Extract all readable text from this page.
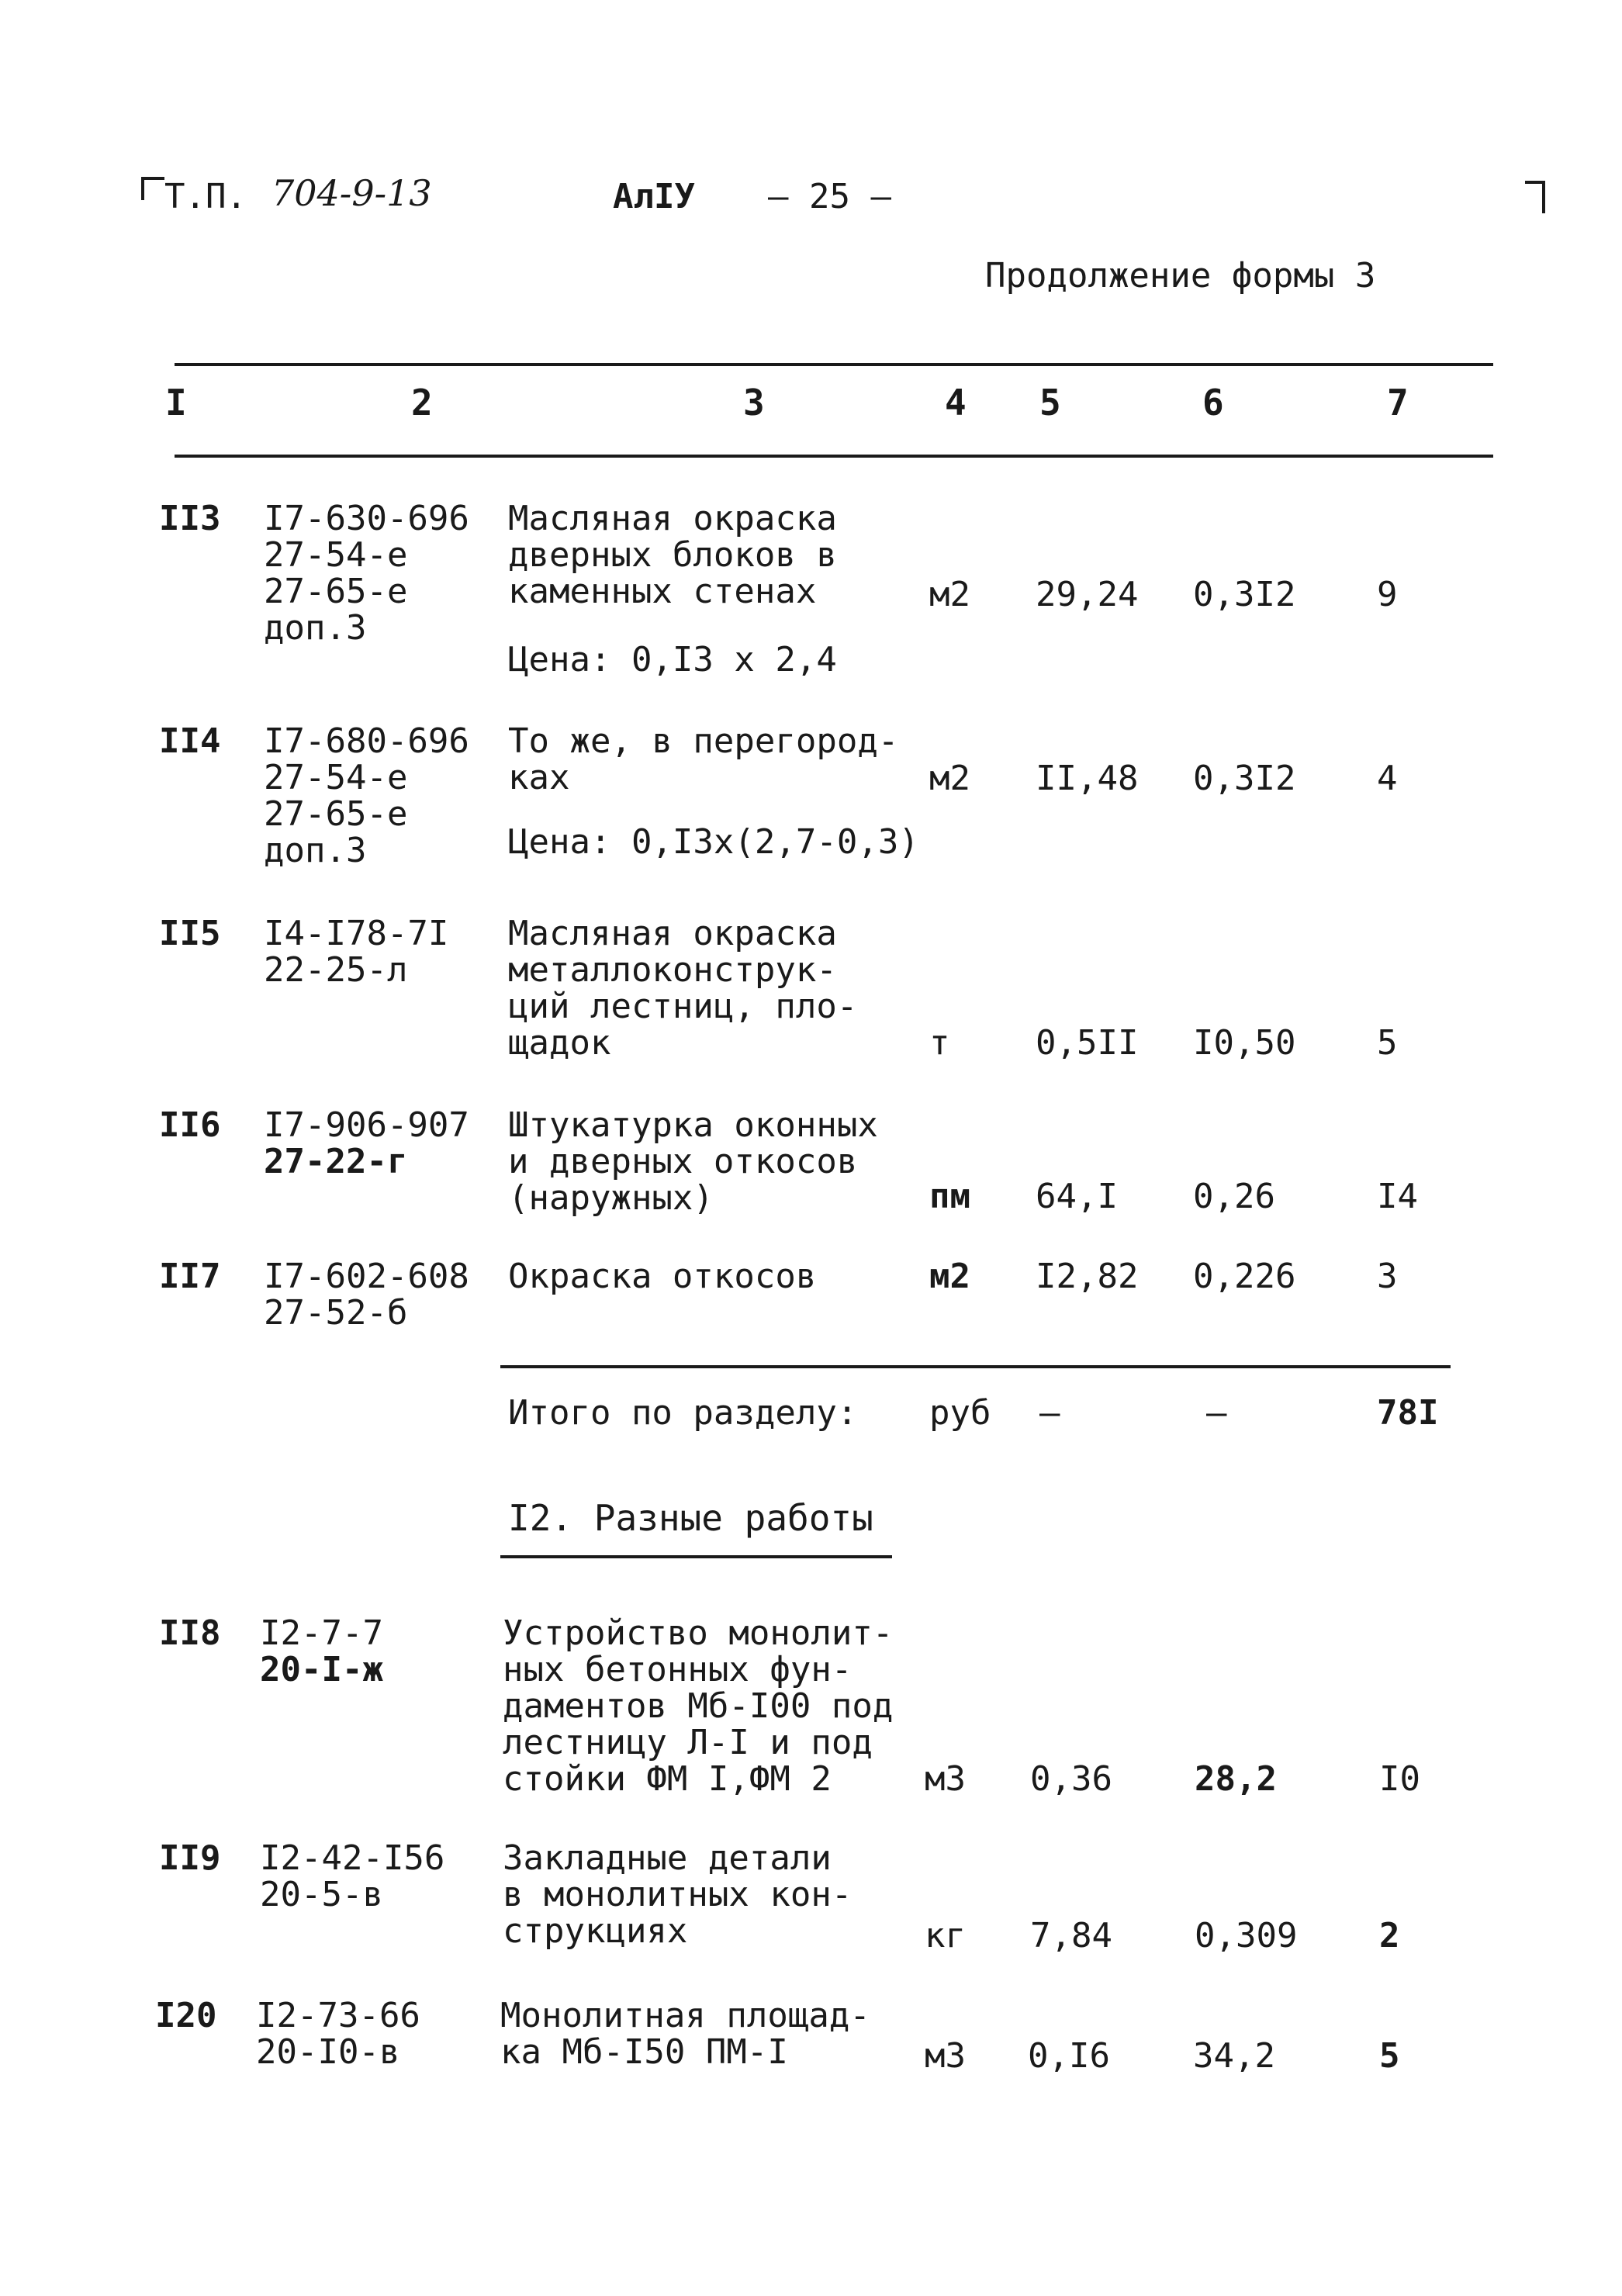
Т.П. 704-9-13	АлIУ — 25 —
Продолжение формы 3
I	2	3	4 5	6	7
II3 I7-630-696
27-54-е
27-65-е
доп.3
Масляная окраска
дверных блоков в
каменных стенах	м2 29,24 0,3I2 9
Цена: 0,I3 х 2,4
II4 I7-680-696
27-54-е
27-65-е
доп.3
То же, в перегород-
ках	м2 II,48 0,3I2 4
Цена: 0,I3х(2,7-0,3)
II5 I4-I78-7I
22-25-л
Масляная окраска
металлоконструк-
ций лестниц, пло-
щадок	т	0,5II I0,50 5
II6 I7-906-907
27-22-г
Штукатурка оконных
и дверных откосов
(наружных)	пм 64,I 0,26	I4
II7 I7-602-608
27-52-б
Окраска откосов	м2 I2,82 0,226 3
Итого по разделу: руб —	—	78I
I2. Разные работы
II8 I2-7-7
20-I-ж
Устройство монолит-
ных бетонных фун-
даментов Мб-I00 под
лестницу Л-I и под
стойки ФМ I,ФМ 2	м3 0,36 28,2	I0
II9 I2-42-I56
20-5-в
Закладные детали
в монолитных кон-
струкциях	кг 7,84 0,309 2
I20 I2-73-66
20-I0-в
Монолитная площад-
ка Мб-I50 ПМ-I	м3 0,I6 34,2	5
